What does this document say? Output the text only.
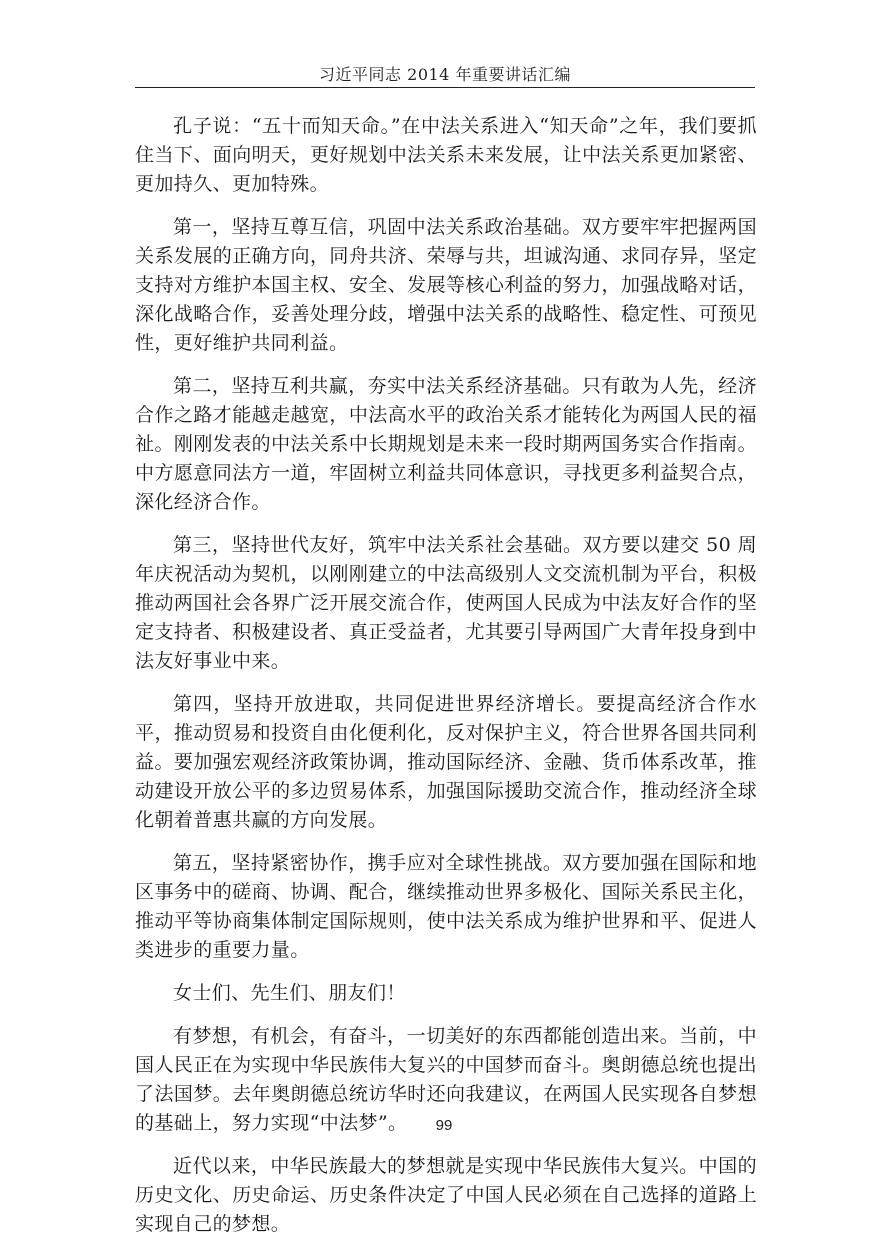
习近平同志 2014 年重要讲话汇编

孔子说：“五十而知天命。”在中法关系进入“知天命”之年，我们要抓住当下、面向明天，更好规划中法关系未来发展，让中法关系更加紧密、更加持久、更加特殊。

第一，坚持互尊互信，巩固中法关系政治基础。双方要牢牢把握两国关系发展的正确方向，同舟共济、荣辱与共，坦诚沟通、求同存异，坚定支持对方维护本国主权、安全、发展等核心利益的努力，加强战略对话，深化战略合作，妥善处理分歧，增强中法关系的战略性、稳定性、可预见性，更好维护共同利益。

第二，坚持互利共赢，夯实中法关系经济基础。只有敢为人先，经济合作之路才能越走越宽，中法高水平的政治关系才能转化为两国人民的福祉。刚刚发表的中法关系中长期规划是未来一段时期两国务实合作指南。中方愿意同法方一道，牢固树立利益共同体意识，寻找更多利益契合点，深化经济合作。

第三，坚持世代友好，筑牢中法关系社会基础。双方要以建交 50 周年庆祝活动为契机，以刚刚建立的中法高级别人文交流机制为平台，积极推动两国社会各界广泛开展交流合作，使两国人民成为中法友好合作的坚定支持者、积极建设者、真正受益者，尤其要引导两国广大青年投身到中法友好事业中来。

第四，坚持开放进取，共同促进世界经济增长。要提高经济合作水平，推动贸易和投资自由化便利化，反对保护主义，符合世界各国共同利益。要加强宏观经济政策协调，推动国际经济、金融、货币体系改革，推动建设开放公平的多边贸易体系，加强国际援助交流合作，推动经济全球化朝着普惠共赢的方向发展。

第五，坚持紧密协作，携手应对全球性挑战。双方要加强在国际和地区事务中的磋商、协调、配合，继续推动世界多极化、国际关系民主化，推动平等协商集体制定国际规则，使中法关系成为维护世界和平、促进人类进步的重要力量。

女士们、先生们、朋友们！

有梦想，有机会，有奋斗，一切美好的东西都能创造出来。当前，中国人民正在为实现中华民族伟大复兴的中国梦而奋斗。奥朗德总统也提出了法国梦。去年奥朗德总统访华时还向我建议，在两国人民实现各自梦想的基础上，努力实现“中法梦”。

近代以来，中华民族最大的梦想就是实现中华民族伟大复兴。中国的历史文化、历史命运、历史条件决定了中国人民必须在自己选择的道路上实现自己的梦想。

99
